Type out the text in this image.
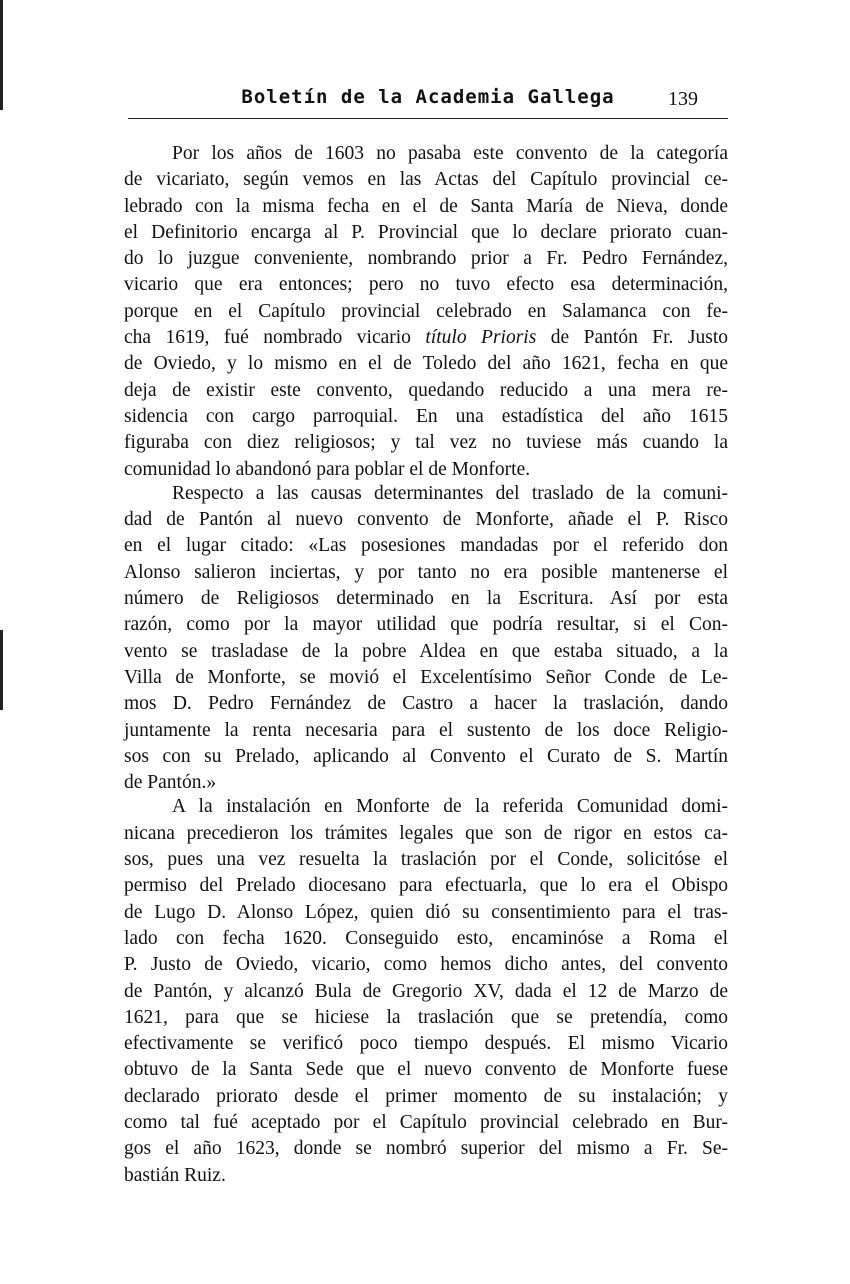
Boletín de la Academia Gallega	139
Por los años de 1603 no pasaba este convento de la categoría
de vicariato, según vemos en las Actas del Capítulo provincial ce-
lebrado con la misma fecha en el de Santa María de Nieva, donde
el Definitorio encarga al P. Provincial que lo declare priorato cuan-
do lo juzgue conveniente, nombrando prior a Fr. Pedro Fernández,
vicario que era entonces; pero no tuvo efecto esa determinación,
porque en el Capítulo provincial celebrado en Salamanca con fe-
cha 1619, fué nombrado vicario título Prioris de Pantón Fr. Justo
de Oviedo, y lo mismo en el de Toledo del año 1621, fecha en que
deja de existir este convento, quedando reducido a una mera re-
sidencia con cargo parroquial. En una estadística del año 1615
figuraba con diez religiosos; y tal vez no tuviese más cuando la
comunidad lo abandonó para poblar el de Monforte.
Respecto a las causas determinantes del traslado de la comuni-
dad de Pantón al nuevo convento de Monforte, añade el P. Risco
en el lugar citado: «Las posesiones mandadas por el referido don
Alonso salieron inciertas, y por tanto no era posible mantenerse el
número de Religiosos determinado en la Escritura. Así por esta
razón, como por la mayor utilidad que podría resultar, si el Con-
vento se trasladase de la pobre Aldea en que estaba situado, a la
Villa de Monforte, se movió el Excelentísimo Señor Conde de Le-
mos D. Pedro Fernández de Castro a hacer la traslación, dando
juntamente la renta necesaria para el sustento de los doce Religio-
sos con su Prelado, aplicando al Convento el Curato de S. Martín
de Pantón.»
A la instalación en Monforte de la referida Comunidad domi-
nicana precedieron los trámites legales que son de rigor en estos ca-
sos, pues una vez resuelta la traslación por el Conde, solicitóse el
permiso del Prelado diocesano para efectuarla, que lo era el Obispo
de Lugo D. Alonso López, quien dió su consentimiento para el tras-
lado con fecha 1620. Conseguido esto, encaminóse a Roma el
P. Justo de Oviedo, vicario, como hemos dicho antes, del convento
de Pantón, y alcanzó Bula de Gregorio XV, dada el 12 de Marzo de
1621, para que se hiciese la traslación que se pretendía, como
efectivamente se verificó poco tiempo después. El mismo Vicario
obtuvo de la Santa Sede que el nuevo convento de Monforte fuese
declarado priorato desde el primer momento de su instalación; y
como tal fué aceptado por el Capítulo provincial celebrado en Bur-
gos el año 1623, donde se nombró superior del mismo a Fr. Se-
bastián Ruiz.
